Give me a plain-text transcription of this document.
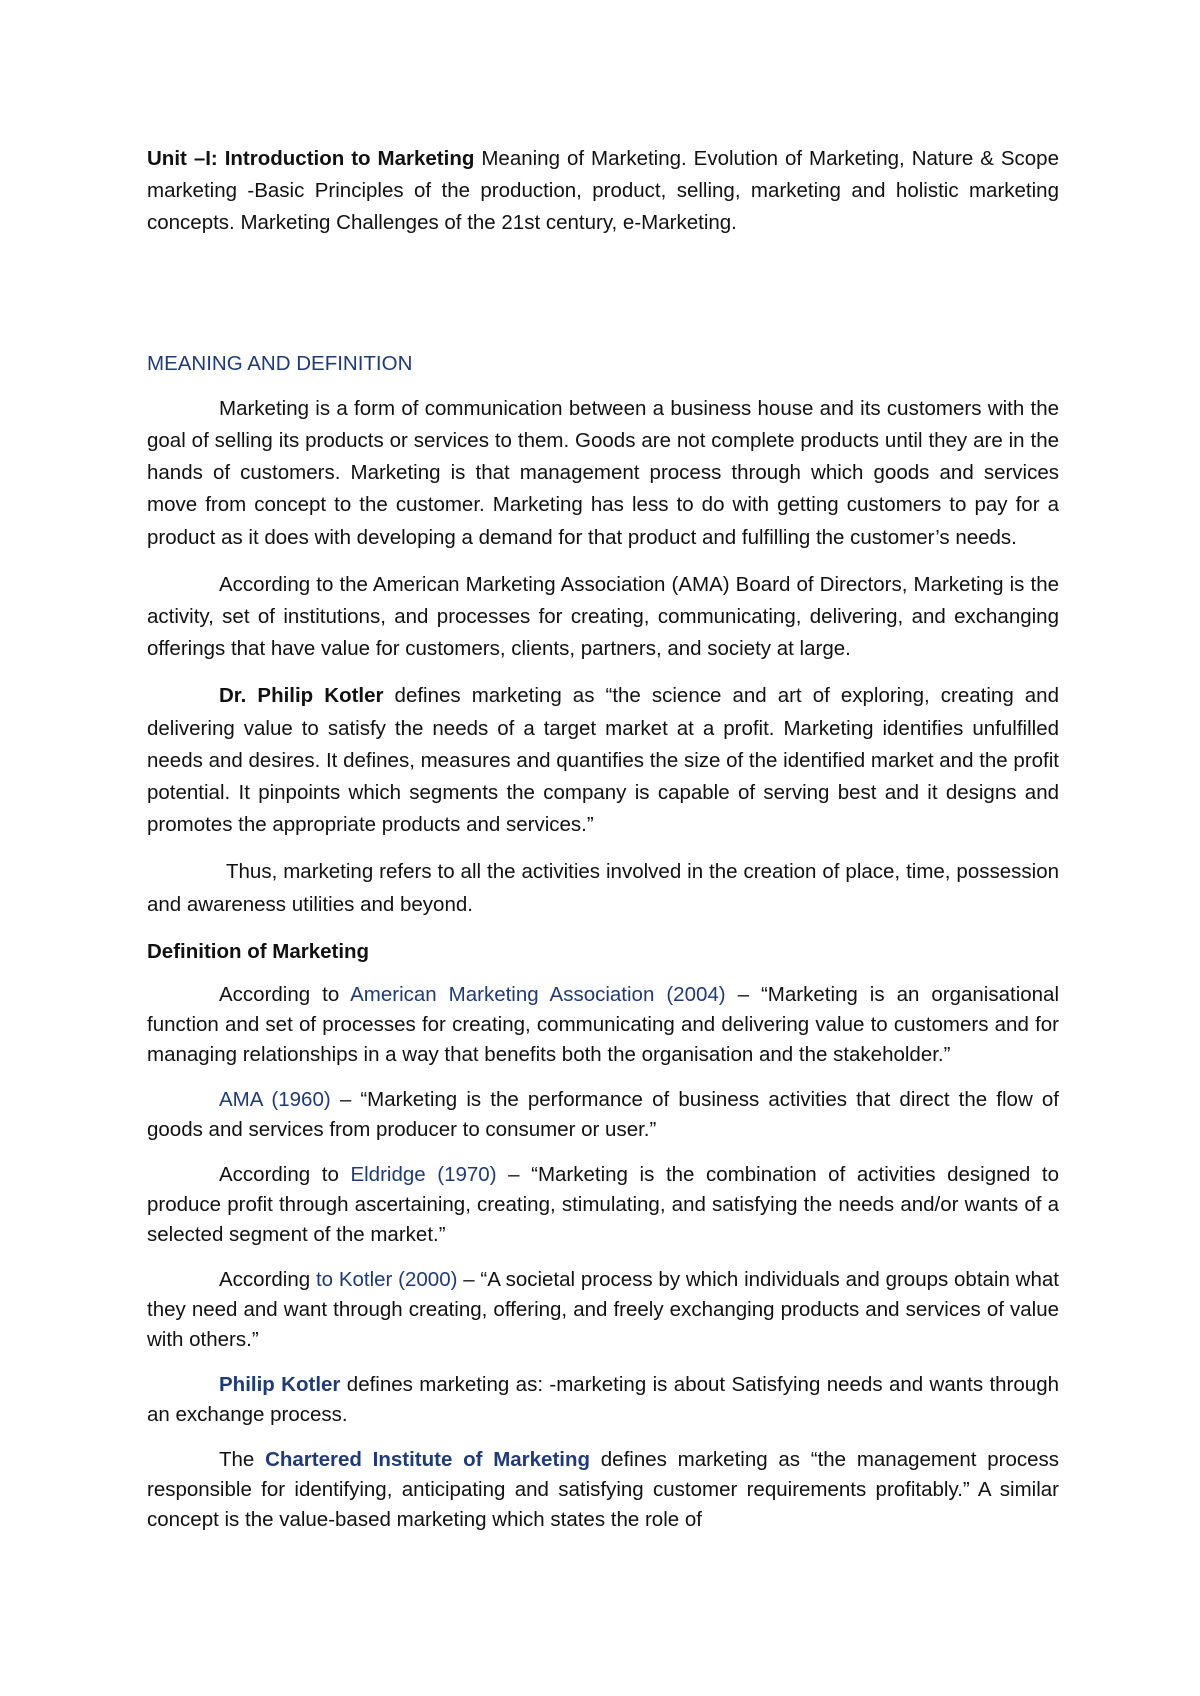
Unit –I: Introduction to Marketing Meaning of Marketing. Evolution of Marketing, Nature & Scope marketing -Basic Principles of the production, product, selling, marketing and holistic marketing concepts. Marketing Challenges of the 21st century, e-Marketing.

MEANING AND DEFINITION

Marketing is a form of communication between a business house and its customers with the goal of selling its products or services to them. Goods are not complete products until they are in the hands of customers. Marketing is that management process through which goods and services move from concept to the customer. Marketing has less to do with getting customers to pay for a product as it does with developing a demand for that product and fulfilling the customer’s needs.

According to the American Marketing Association (AMA) Board of Directors, Marketing is the activity, set of institutions, and processes for creating, communicating, delivering, and exchanging offerings that have value for customers, clients, partners, and society at large.

Dr. Philip Kotler defines marketing as “the science and art of exploring, creating and delivering value to satisfy the needs of a target market at a profit. Marketing identifies unfulfilled needs and desires. It defines, measures and quantifies the size of the identified market and the profit potential. It pinpoints which segments the company is capable of serving best and it designs and promotes the appropriate products and services.”

Thus, marketing refers to all the activities involved in the creation of place, time, possession and awareness utilities and beyond.

Definition of Marketing

According to American Marketing Association (2004) – “Marketing is an organisational function and set of processes for creating, communicating and delivering value to customers and for managing relationships in a way that benefits both the organisation and the stakeholder.”

AMA (1960) – “Marketing is the performance of business activities that direct the flow of goods and services from producer to consumer or user.”

According to Eldridge (1970) – “Marketing is the combination of activities designed to produce profit through ascertaining, creating, stimulating, and satisfying the needs and/or wants of a selected segment of the market.”

According to Kotler (2000) – “A societal process by which individuals and groups obtain what they need and want through creating, offering, and freely exchanging products and services of value with others.”

Philip Kotler defines marketing as: -marketing is about Satisfying needs and wants through an exchange process.

The Chartered Institute of Marketing defines marketing as “the management process responsible for identifying, anticipating and satisfying customer requirements profitably.” A similar concept is the value-based marketing which states the role of
